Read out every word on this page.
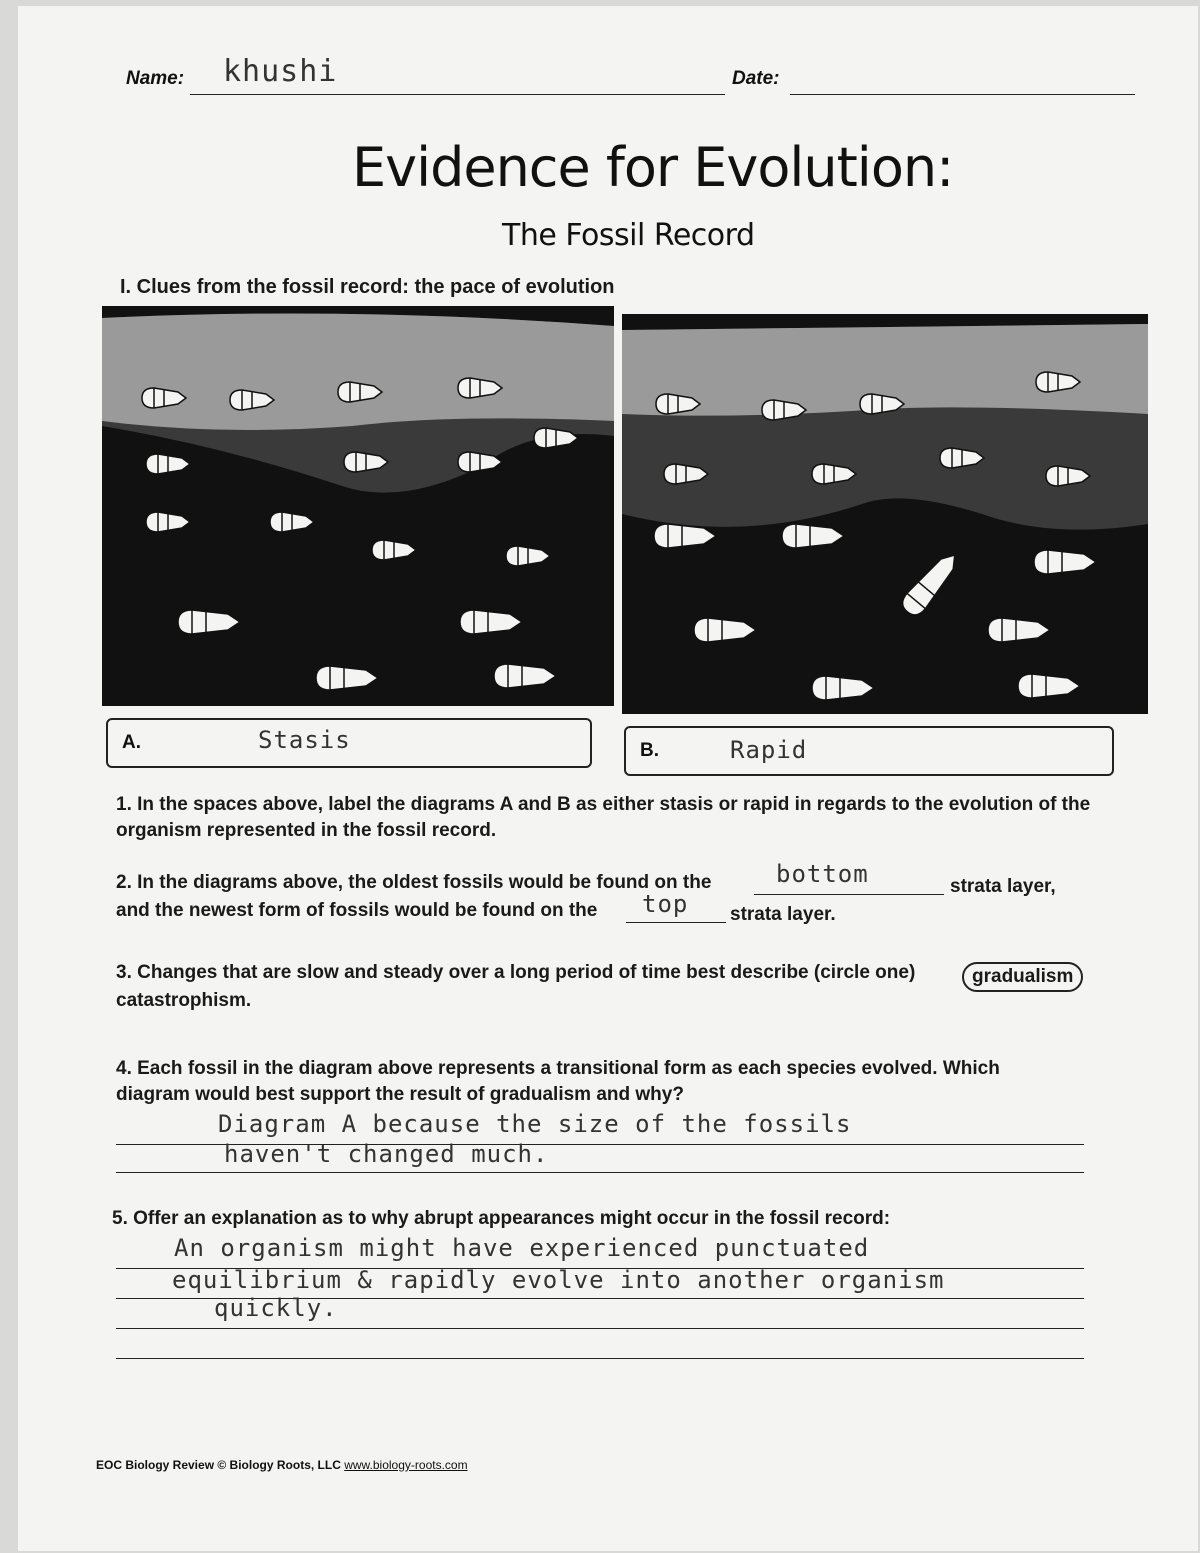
Name: khushi	Date:
Evidence for Evolution:
The Fossil Record
I. Clues from the fossil record: the pace of evolution
A.	Stasis	B.	Rapid
1. In the spaces above, label the diagrams A and B as either stasis or rapid in regards to the evolution of the organism represented in the fossil record.
2. In the diagrams above, the oldest fossils would be found on the	bottom	strata layer,
and the newest form of fossils would be found on the top strata layer.
3. Changes that are slow and steady over a long period of time best describe (circle one)	gradualism
catastrophism.
4. Each fossil in the diagram above represents a transitional form as each species evolved. Which diagram would best support the result of gradualism and why?
Diagram A because the size of the fossils
haven't changed much.
5. Offer an explanation as to why abrupt appearances might occur in the fossil record:
An organism might have experienced punctuated
equilibrium & rapidly evolve into another organism
quickly.
EOC Biology Review © Biology Roots, LLC www.biology-roots.com
